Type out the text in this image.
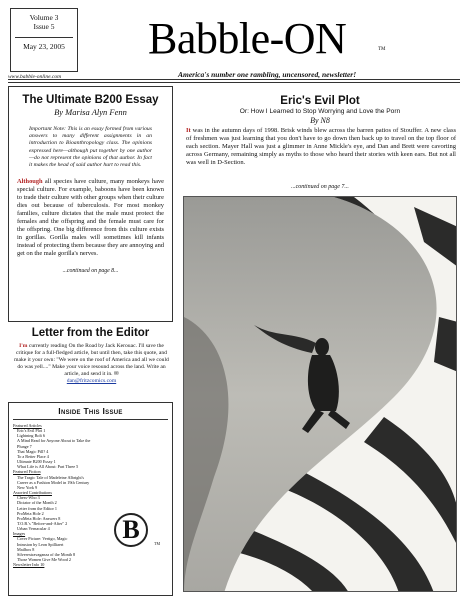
Volume 3
Issue 5
May 23, 2005
www.babble-online.com
Babble-ON	TM
America's number one rambling, uncensored, newsletter!
The Ultimate B200 Essay
By Marisa Alyn Fenn
Important Note: This is an essay formed from various answers to many different assignments in an introduction to Bioanthropology class. The opinions expressed here—although put together by one author—do not represent the opinions of that author. In fact it makes the head of said author hurt to read this.
Although all species have culture, many monkeys have special culture. For example, baboons have been known to trade their culture with other groups when their culture dies out because of tuberculosis. For most monkey families, culture dictates that the male must protect the females and the offspring and the female must care for the offspring. One big difference from this culture exists in gorillas. Gorilla males will sometimes kill infants instead of protecting them because they are annoying and get on the male gorilla's nerves.
...continued on page 8...
Letter from the Editor
I'm currently reading On the Road by Jack Kerouac. I'll save the critique for a full-fledged article, but until then, take this quote, and make it your own: "We were on the roof of America and all we could do was yell...." Make your voice resound across the land. Write an article, and send it in. ✉
dan@fritzcomics.com
Inside This Issue
Featured Articles
Eric's Evil Plot 1
Lightning Bolt 6
A Mind Read for Anyone About to Take the Plunge 7
That Magic Pill? 4
To a Better Place 4
Ultimate B200 Essay 1
What Life is All About: Part Three 5
Featured Fiction
The Tragic Tale of Madeleine Albright's Career as a Fashion Model in 19th Century New York 9
Assorted Contributions
Chess-Who 3
Dictator of the Month 2
Letter from the Editor 1
ProMeta Hole 2
ProMeta Hole: Answers 8
T.O.B.'s "Before-and-After" 2
Urban Vernacular 4
Images
Cover Picture: Vertigo, Magic
Intrusion by Leon Spilliaert
Mailbox 8
Silverextravaganza of the Month 8
Those Women Give Me Wood 2
Newsletter Info 10
B	TM
Eric's Evil Plot
Or: How I Learned to Stop Worrying and Love the Porn
By N8
It was in the autumn days of 1998. Brisk winds blew across the barren patios of Stouffer. A new class of freshmen was just learning that you don't have to go down then back up to travel on the top floor of each section. Mayer Hall was just a glimmer in Anne Mickle's eye, and Dan and Brett were cavorting across Germany, remaining simply as myths to those who heard their stories with keen ears. But not all was well in D-Section.
...continued on page 7...
